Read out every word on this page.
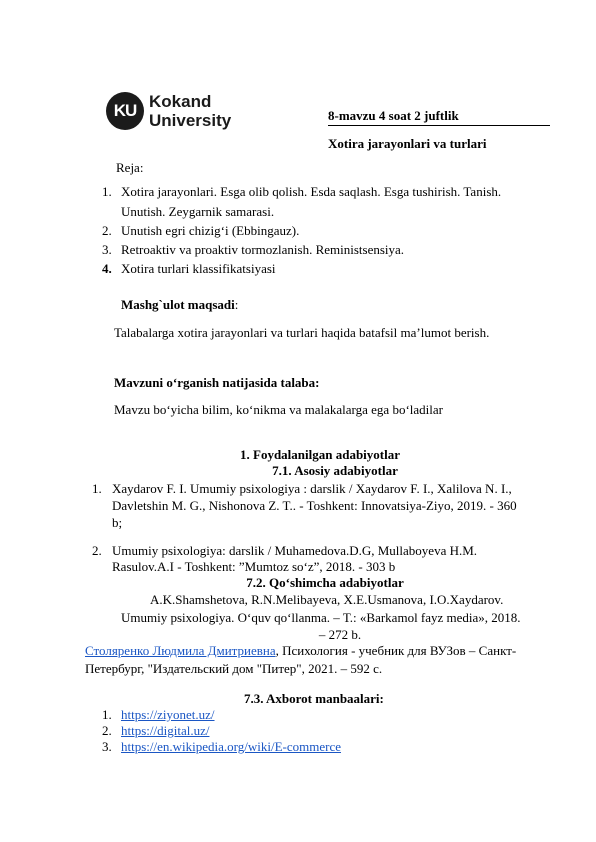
KU Kokand
University	8-mavzu 4 soat 2 juftlik
Xotira jarayonlari va turlari
Reja:
1. Xotira jarayonlari. Esga olib qolish. Esda saqlash. Esga tushirish. Tanish.
Unutish. Zeygarnik samarasi.
2. Unutish egri chizig‘i (Ebbingauz).
3. Retroaktiv va proaktiv tormozlanish. Reministsensiya.
4. Xotira turlari klassifikatsiyasi
Mashg`ulot maqsadi:
Talabalarga xotira jarayonlari va turlari haqida batafsil ma’lumot berish.
Mavzuni o‘rganish natijasida talaba:
Mavzu bo‘yicha bilim, ko‘nikma va malakalarga ega bo‘ladilar
1. Foydalanilgan adabiyotlar
7.1. Asosiy adabiyotlar
1. Xaydarov F. I. Umumiy psixologiya : darslik / Xaydarov F. I., Xalilova N. I.,
Davletshin M. G., Nishonova Z. T.. - Toshkent: Innovatsiya-Ziyo, 2019. - 360
b;
2. Umumiy psixologiya: darslik / Muhamedova.D.G, Mullaboyeva H.M.
Rasulov.A.I - Toshkent: ”Mumtoz so‘z”, 2018. - 303 b
7.2. Qo‘shimcha adabiyotlar
A.K.Shamshetova, R.N.Melibayeva, X.E.Usmanova, I.O.Xaydarov.
Umumiy psixologiya. O‘quv qo‘llanma. – T.: «Barkamol fayz media», 2018.
– 272 b.
Столяренко Людмила Дмитриевна, Психология - учебник для ВУЗов – Санкт-
Петербург, "Издательский дом "Питер", 2021. – 592 с.
7.3. Axborot manbaalari:
1. https://ziyonet.uz/
2. https://digital.uz/
3. https://en.wikipedia.org/wiki/E-commerce
